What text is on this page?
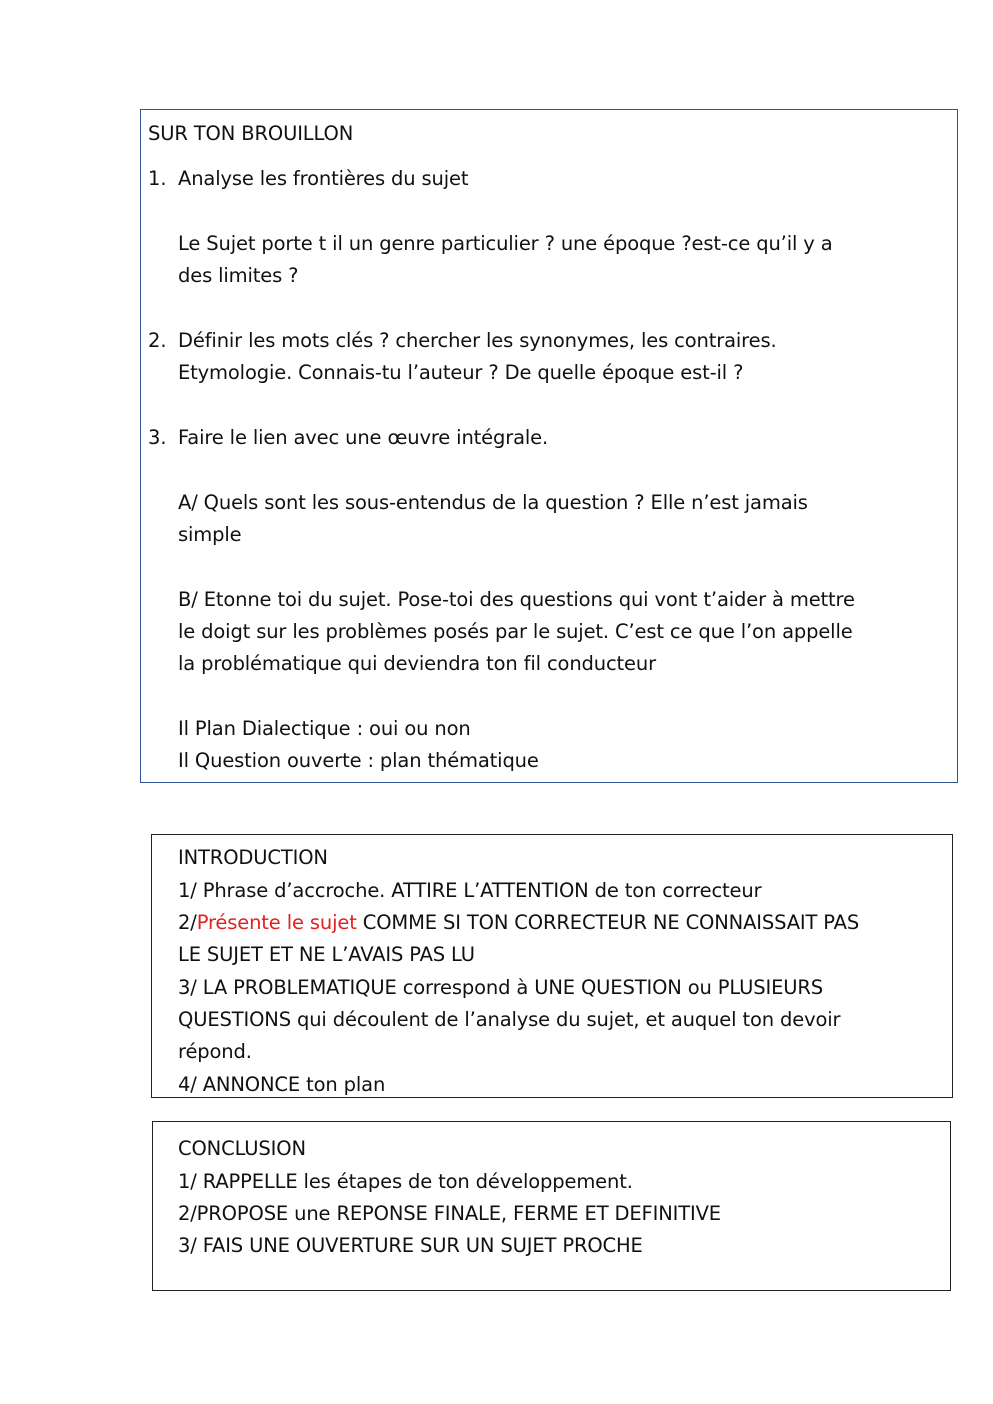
SUR TON BROUILLON
1. Analyse les frontières du sujet
Le Sujet porte t il un genre particulier ? une époque ?est-ce qu’il y a
des limites ?
2. Définir les mots clés ? chercher les synonymes, les contraires.
Etymologie. Connais-tu l’auteur ? De quelle époque est-il ?
3. Faire le lien avec une œuvre intégrale.
A/ Quels sont les sous-entendus de la question ? Elle n’est jamais
simple
B/ Etonne toi du sujet. Pose-toi des questions qui vont t’aider à mettre
le doigt sur les problèmes posés par le sujet. C’est ce que l’on appelle
la problématique qui deviendra ton fil conducteur
Il Plan Dialectique : oui ou non
Il Question ouverte : plan thématique
INTRODUCTION
1/ Phrase d’accroche. ATTIRE L’ATTENTION de ton correcteur
2/Présente le sujet COMME SI TON CORRECTEUR NE CONNAISSAIT PAS
LE SUJET ET NE L’AVAIS PAS LU
3/ LA PROBLEMATIQUE correspond à UNE QUESTION ou PLUSIEURS
QUESTIONS qui découlent de l’analyse du sujet, et auquel ton devoir
répond.
4/ ANNONCE ton plan
CONCLUSION
1/ RAPPELLE les étapes de ton développement.
2/PROPOSE une REPONSE FINALE, FERME ET DEFINITIVE
3/ FAIS UNE OUVERTURE SUR UN SUJET PROCHE
